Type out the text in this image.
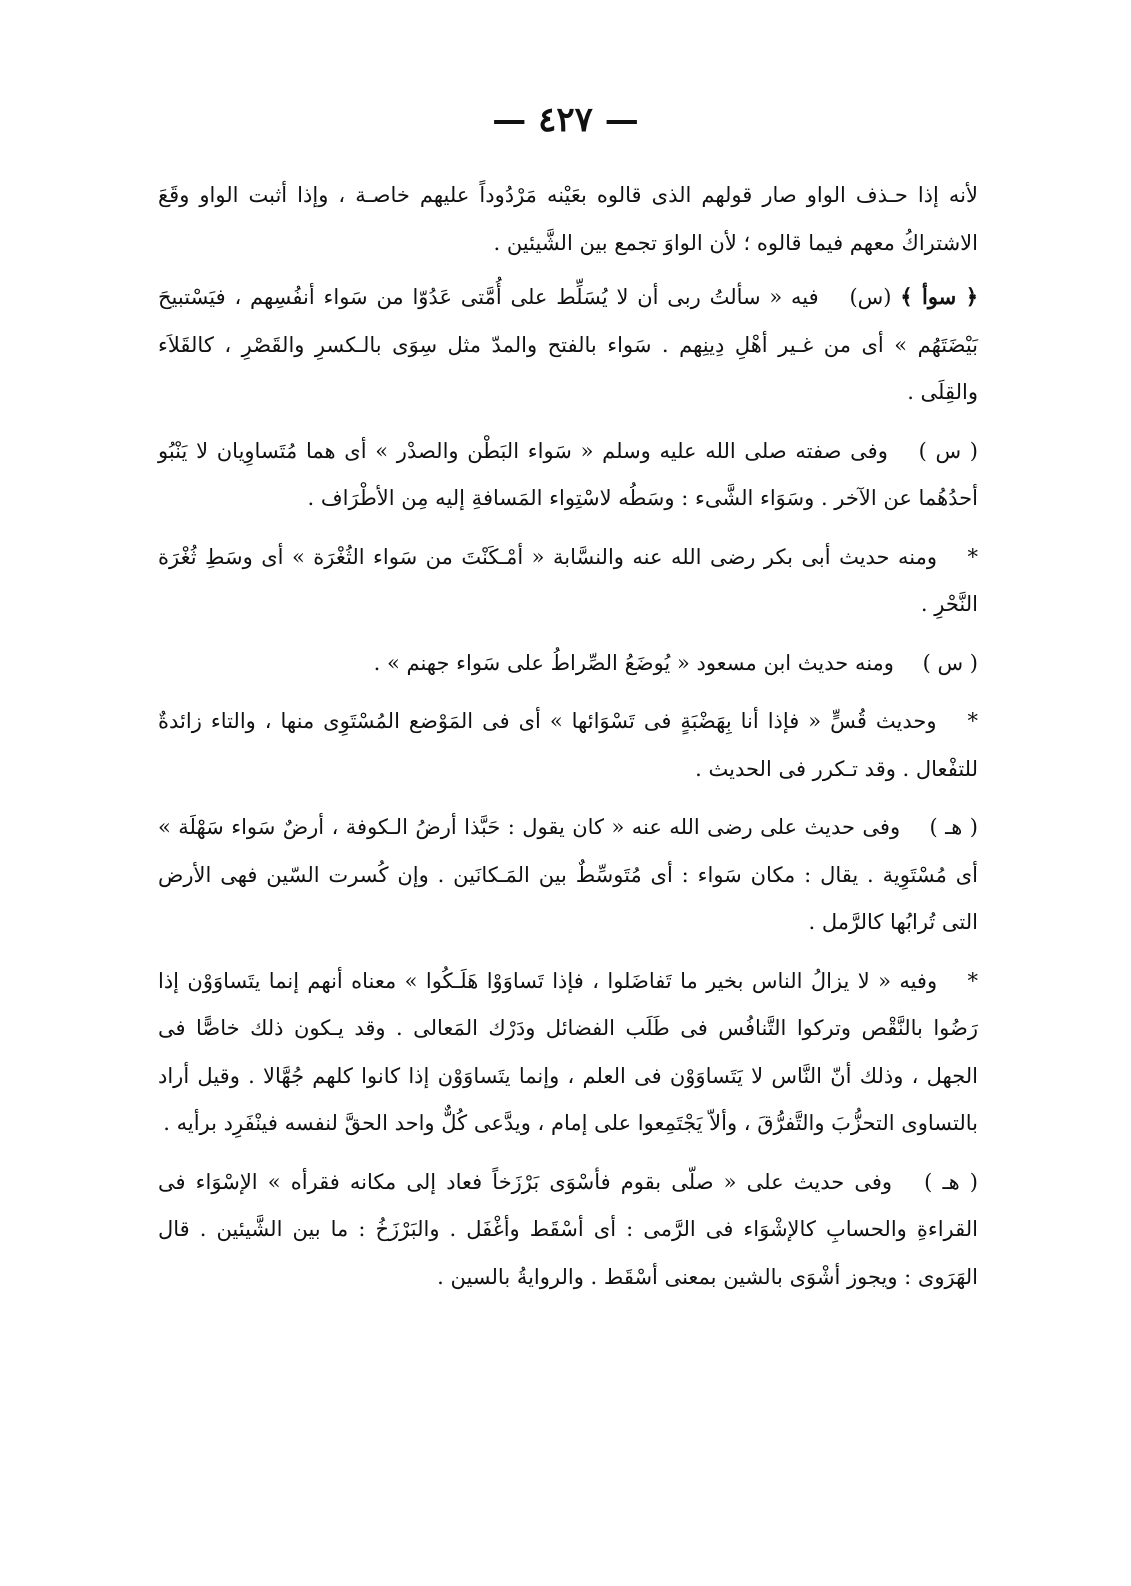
— ٤٢٧ —

لأنه إذا حـذف الواو صار قولهم الذى قالوه بعَيْنه مَرْدُوداً عليهم خاصـة ، وإذا أثبت الواو وقَعَ الاشتراكُ معهم فيما قالوه ؛ لأن الواوَ تجمع بين الشَّيئين .

﴿ سوأ ﴾ (س) فيه « سألتُ ربى أن لا يُسَلِّط على أُمَّتى عَدُوّا من سَواء أنفُسِهم ، فيَسْتبيحَ بَيْضَتَهُم » أى من غـير أهْلِ دِينِهم . سَواء بالفتح والمدّ مثل سِوَى بالـكسرِ والقَصْرِ ، كالقَلاَء والقِلَى .

( س ) وفى صفته صلى الله عليه وسلم « سَواء البَطْن والصدْر » أى هما مُتَساوِيان لا يَنْبُو أحدُهُما عن الآخر . وسَوَاء الشَّىء : وسَطُه لاسْتِواء المَسافةِ إليه مِن الأطْرَاف .

* ومنه حديث أبى بكر رضى الله عنه والنسَّابة « أمْـكَنْتَ من سَواء الثُغْرَة » أى وسَطِ ثُغْرَة النَّحْرِ .

( س ) ومنه حديث ابن مسعود « يُوضَعُ الصِّراطُ على سَواء جهنم » .

* وحديث قُسٍّ « فإذا أنا بِهَضْبَةٍ فى تَسْوَائها » أى فى المَوْضع المُسْتَوِى منها ، والتاء زائدةٌ للتفْعال . وقد تـكرر فى الحديث .

( هـ ) وفى حديث على رضى الله عنه « كان يقول : حَبَّذا أرضُ الـكوفة ، أرضٌ سَواء سَهْلَة » أى مُسْتَوِية . يقال : مكان سَواء : أى مُتَوسِّطٌ بين المَـكانَين . وإن كُسرت السّين فهى الأرض التى تُرابُها كالرَّمل .

* وفيه « لا يزالُ الناس بخير ما تَفاضَلوا ، فإذا تَساوَوْا هَلَـكُوا » معناه أنهم إنما يتَساوَوْن إذا رَضُوا بالنَّقْص وتركوا التَّنافُس فى طَلَب الفضائل ودَرْك المَعالى . وقد يـكون ذلك خاصًّا فى الجهل ، وذلك أنّ النَّاس لا يَتَساوَوْن فى العلم ، وإنما يتَساوَوْن إذا كانوا كلهم جُهَّالا . وقيل أراد بالتساوى التحزُّبَ والتَّفرُّقَ ، وألاّ يَجْتَمِعوا على إمام ، ويدَّعى كُلٌّ واحد الحقَّ لنفسه فينْفَرِد برأيه .

( هـ ) وفى حديث على « صلّى بقوم فأسْوَى بَرْزَخاً فعاد إلى مكانه فقرأه » الإسْوَاء فى القراءةِ والحسابِ كالإشْوَاء فى الرَّمى : أى أسْقَط وأغْفَل . والبَرْزَخُ : ما بين الشَّيئين . قال الهَرَوى : ويجوز أشْوَى بالشين بمعنى أسْقَط . والروايةُ بالسين .
